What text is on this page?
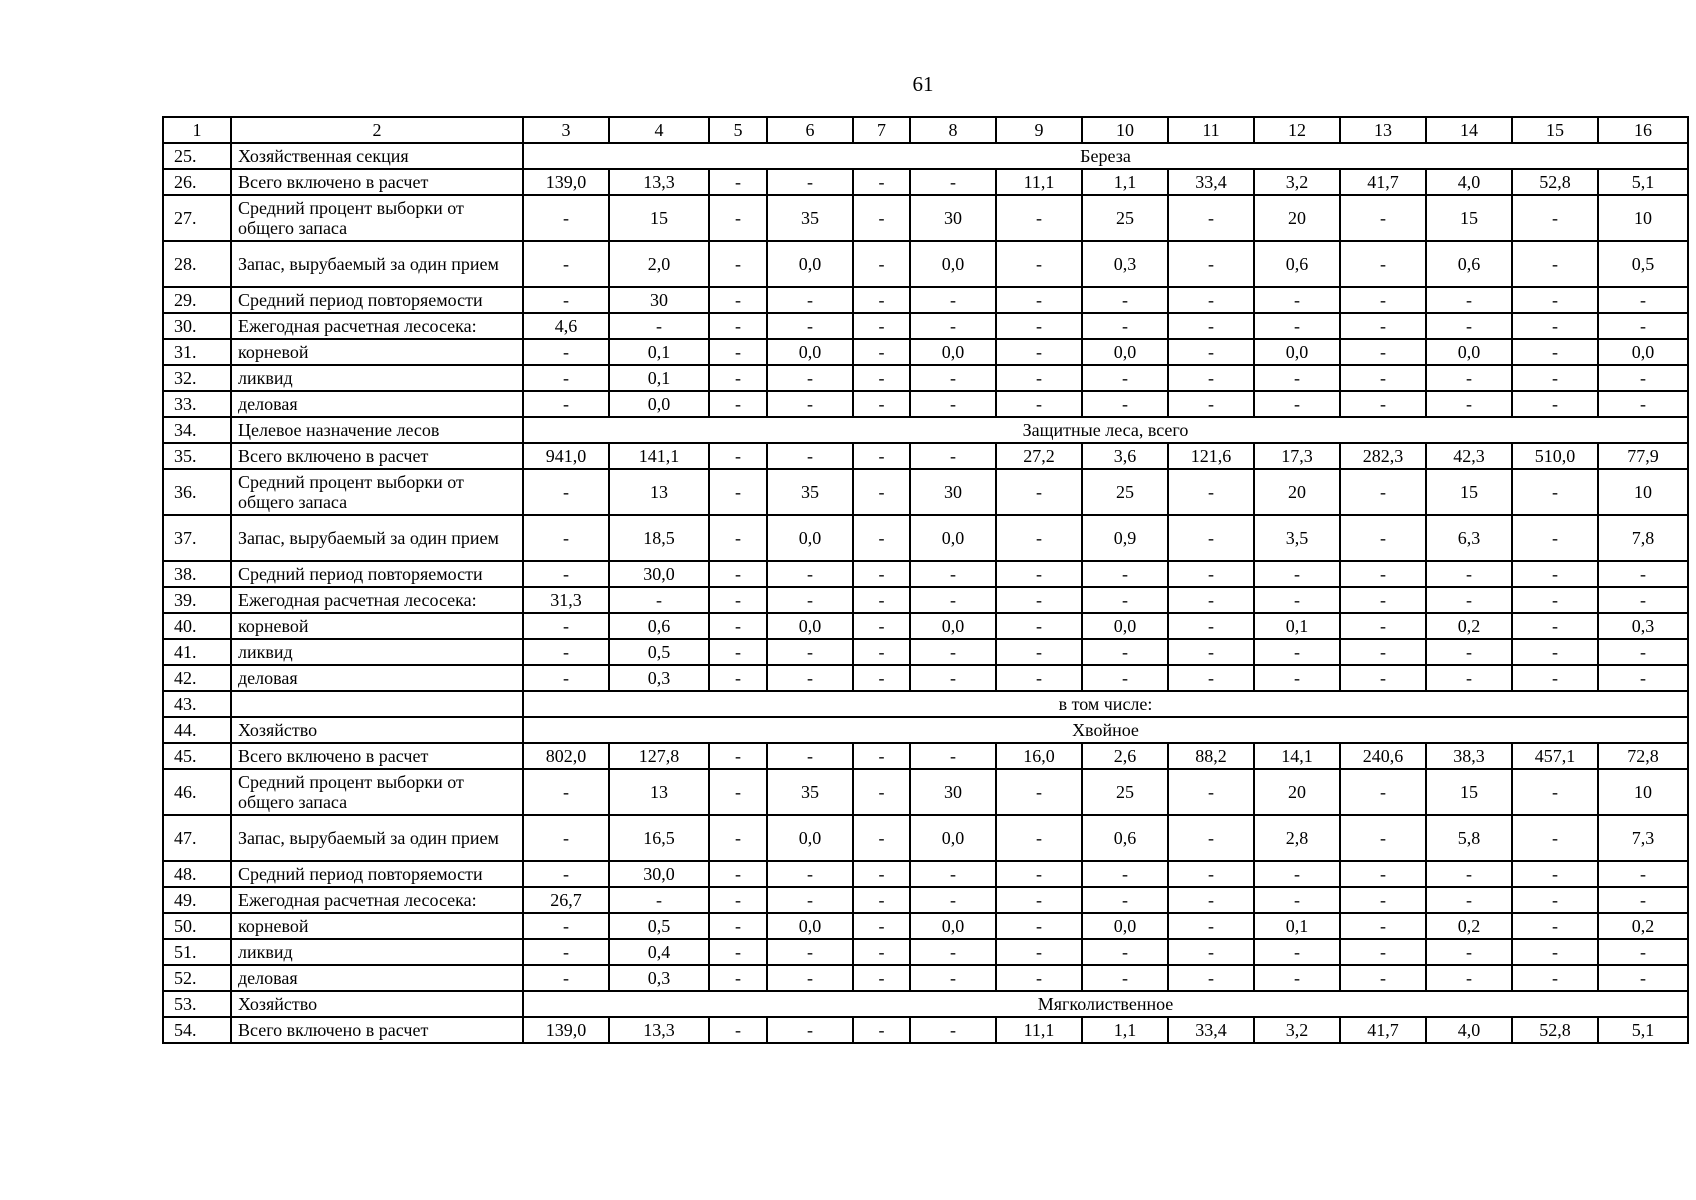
61
1	2	3	4	5	6	7	8	9	10	11	12	13	14	15	16
25.	Хозяйственная секция	Береза													
26.	Всего включено в расчет	139,0	13,3	-	-	-	-	11,1	1,1	33,4	3,2	41,7	4,0	52,8	5,1
27.	Средний процент выборки от общего запаса	-	15	-	35	-	30	-	25	-	20	-	15	-	10
28.	Запас, вырубаемый за один прием	-	2,0	-	0,0	-	0,0	-	0,3	-	0,6	-	0,6	-	0,5
29.	Средний период повторяемости	-	30	-	-	-	-	-	-	-	-	-	-	-	-
30.	Ежегодная расчетная лесосека:	4,6	-	-	-	-	-	-	-	-	-	-	-	-	-
31.	корневой	-	0,1	-	0,0	-	0,0	-	0,0	-	0,0	-	0,0	-	0,0
32.	ликвид	-	0,1	-	-	-	-	-	-	-	-	-	-	-	-
33.	деловая	-	0,0	-	-	-	-	-	-	-	-	-	-	-	-
34.	Целевое назначение лесов	Защитные леса, всего													
35.	Всего включено в расчет	941,0	141,1	-	-	-	-	27,2	3,6	121,6	17,3	282,3	42,3	510,0	77,9
36.	Средний процент выборки от общего запаса	-	13	-	35	-	30	-	25	-	20	-	15	-	10
37.	Запас, вырубаемый за один прием	-	18,5	-	0,0	-	0,0	-	0,9	-	3,5	-	6,3	-	7,8
38.	Средний период повторяемости	-	30,0	-	-	-	-	-	-	-	-	-	-	-	-
39.	Ежегодная расчетная лесосека:	31,3	-	-	-	-	-	-	-	-	-	-	-	-	-
40.	корневой	-	0,6	-	0,0	-	0,0	-	0,0	-	0,1	-	0,2	-	0,3
41.	ликвид	-	0,5	-	-	-	-	-	-	-	-	-	-	-	-
42.	деловая	-	0,3	-	-	-	-	-	-	-	-	-	-	-	-
43.		в том числе:													
44.	Хозяйство	Хвойное													
45.	Всего включено в расчет	802,0	127,8	-	-	-	-	16,0	2,6	88,2	14,1	240,6	38,3	457,1	72,8
46.	Средний процент выборки от общего запаса	-	13	-	35	-	30	-	25	-	20	-	15	-	10
47.	Запас, вырубаемый за один прием	-	16,5	-	0,0	-	0,0	-	0,6	-	2,8	-	5,8	-	7,3
48.	Средний период повторяемости	-	30,0	-	-	-	-	-	-	-	-	-	-	-	-
49.	Ежегодная расчетная лесосека:	26,7	-	-	-	-	-	-	-	-	-	-	-	-	-
50.	корневой	-	0,5	-	0,0	-	0,0	-	0,0	-	0,1	-	0,2	-	0,2
51.	ликвид	-	0,4	-	-	-	-	-	-	-	-	-	-	-	-
52.	деловая	-	0,3	-	-	-	-	-	-	-	-	-	-	-	-
53.	Хозяйство	Мягколиственное													
54.	Всего включено в расчет	139,0	13,3	-	-	-	-	11,1	1,1	33,4	3,2	41,7	4,0	52,8	5,1
